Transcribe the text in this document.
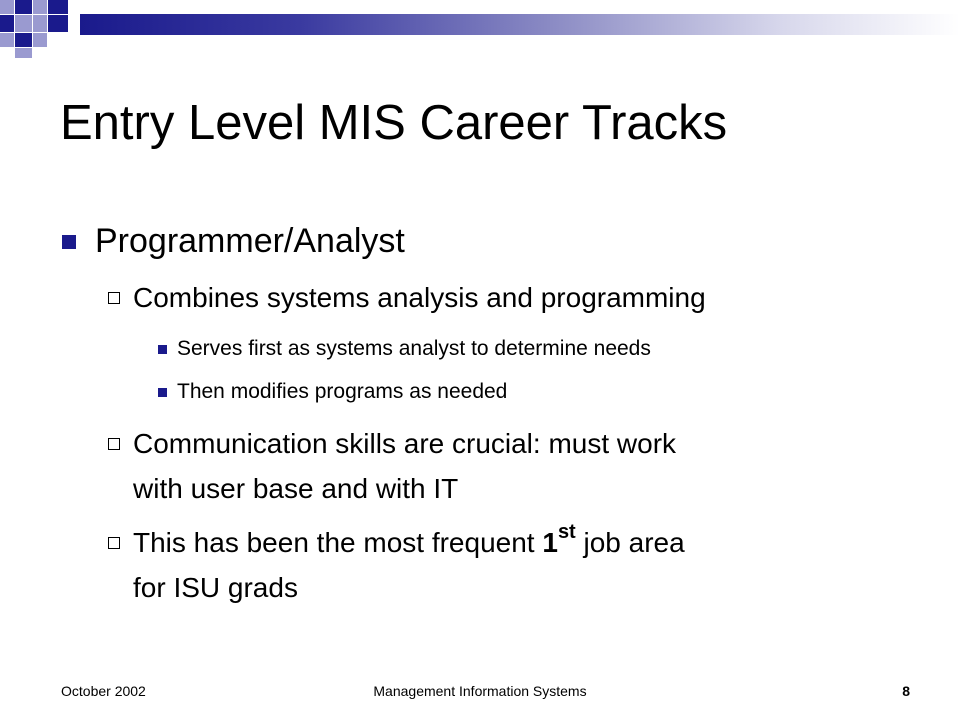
Entry Level MIS Career Tracks
Programmer/Analyst
Combines systems analysis and programming
Serves first as systems analyst to determine needs
Then modifies programs as needed
Communication skills are crucial: must work
with user base and with IT
This has been the most frequent 1st job area
for ISU grads
October 2002	Management Information Systems	8
